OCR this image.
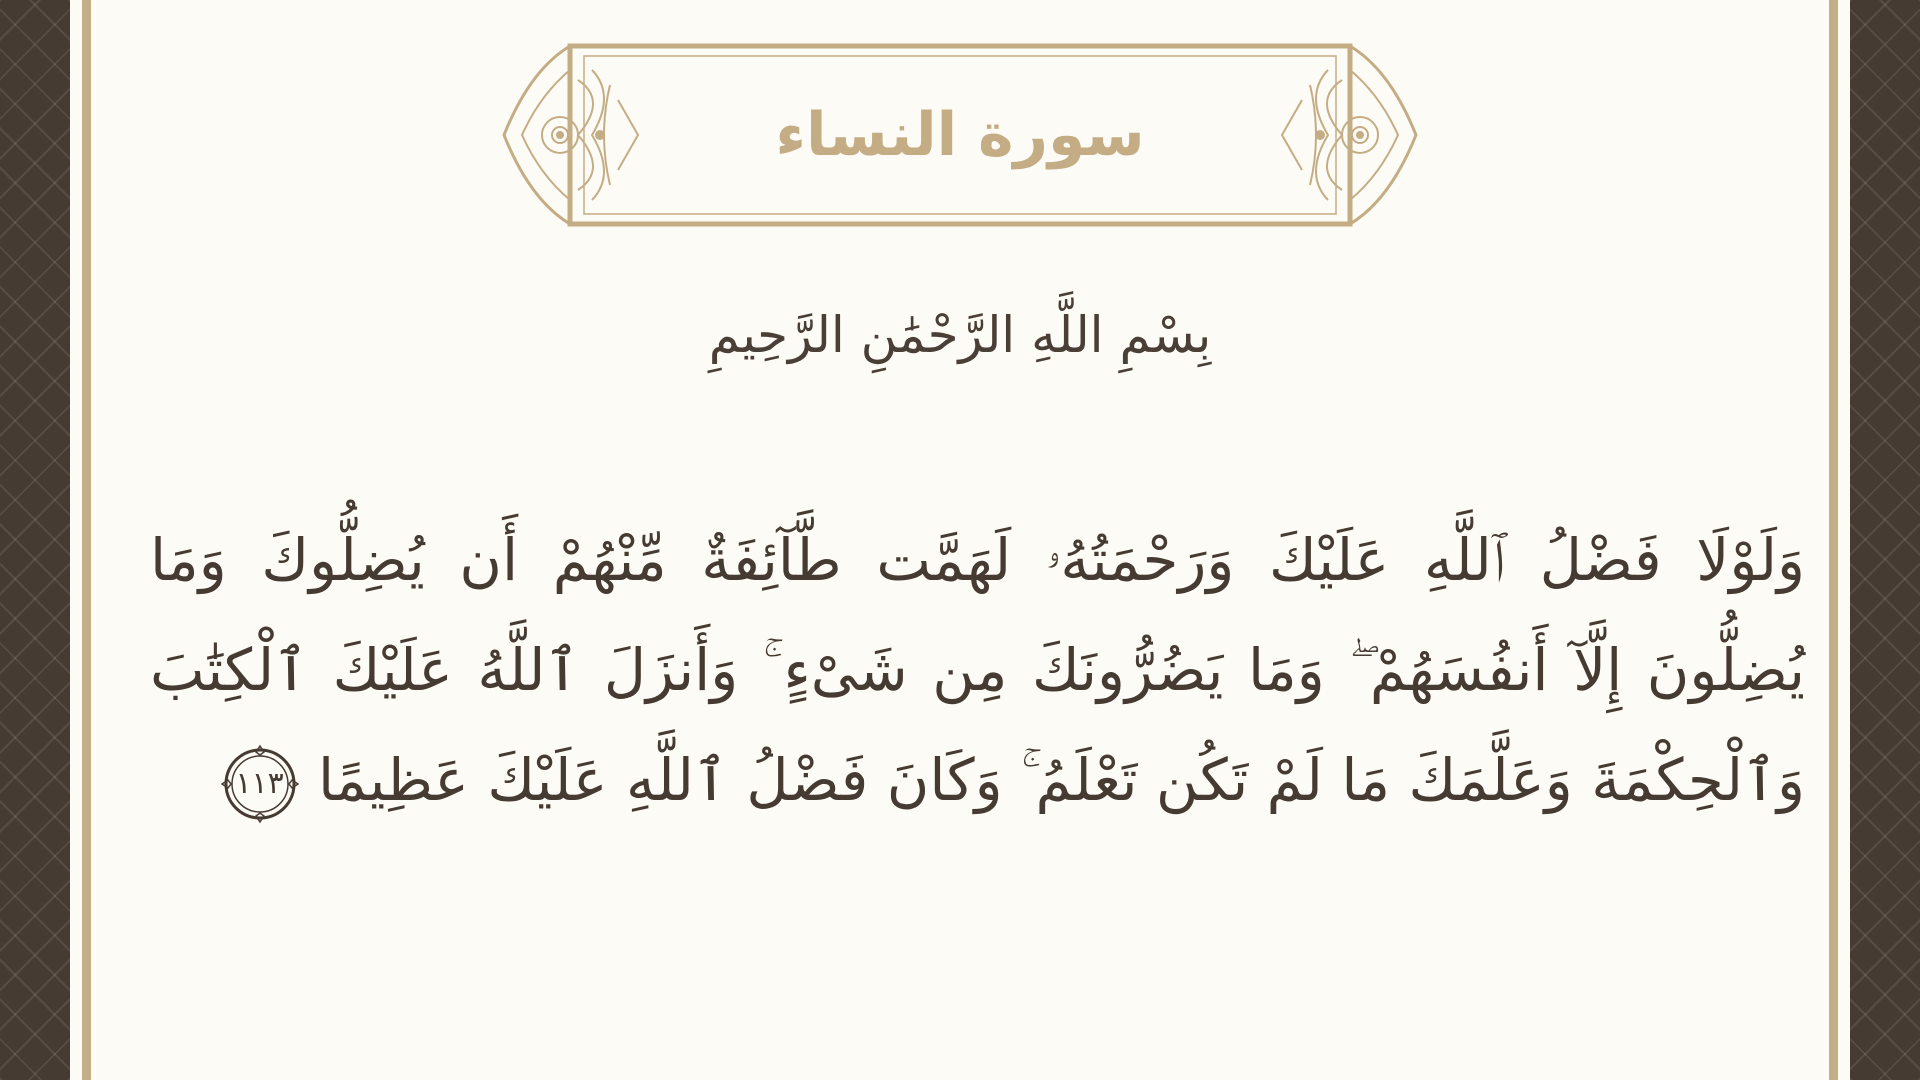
سورة النساء
بِسْمِ اللَّهِ الرَّحْمَٰنِ الرَّحِيمِ
وَلَوْلَا فَضْلُ ٱللَّهِ عَلَيْكَ وَرَحْمَتُهُۥ لَهَمَّت طَّآئِفَةٌ مِّنْهُمْ أَن يُضِلُّوكَ وَمَا
يُضِلُّونَ إِلَّآ أَنفُسَهُمْ ۖ وَمَا يَضُرُّونَكَ مِن شَىْءٍ ۚ وَأَنزَلَ ٱللَّهُ عَلَيْكَ ٱلْكِتَٰبَ
وَٱلْحِكْمَةَ وَعَلَّمَكَ مَا لَمْ تَكُن تَعْلَمُ ۚ وَكَانَ فَضْلُ ٱللَّهِ عَلَيْكَ عَظِيمًا
١١٣
